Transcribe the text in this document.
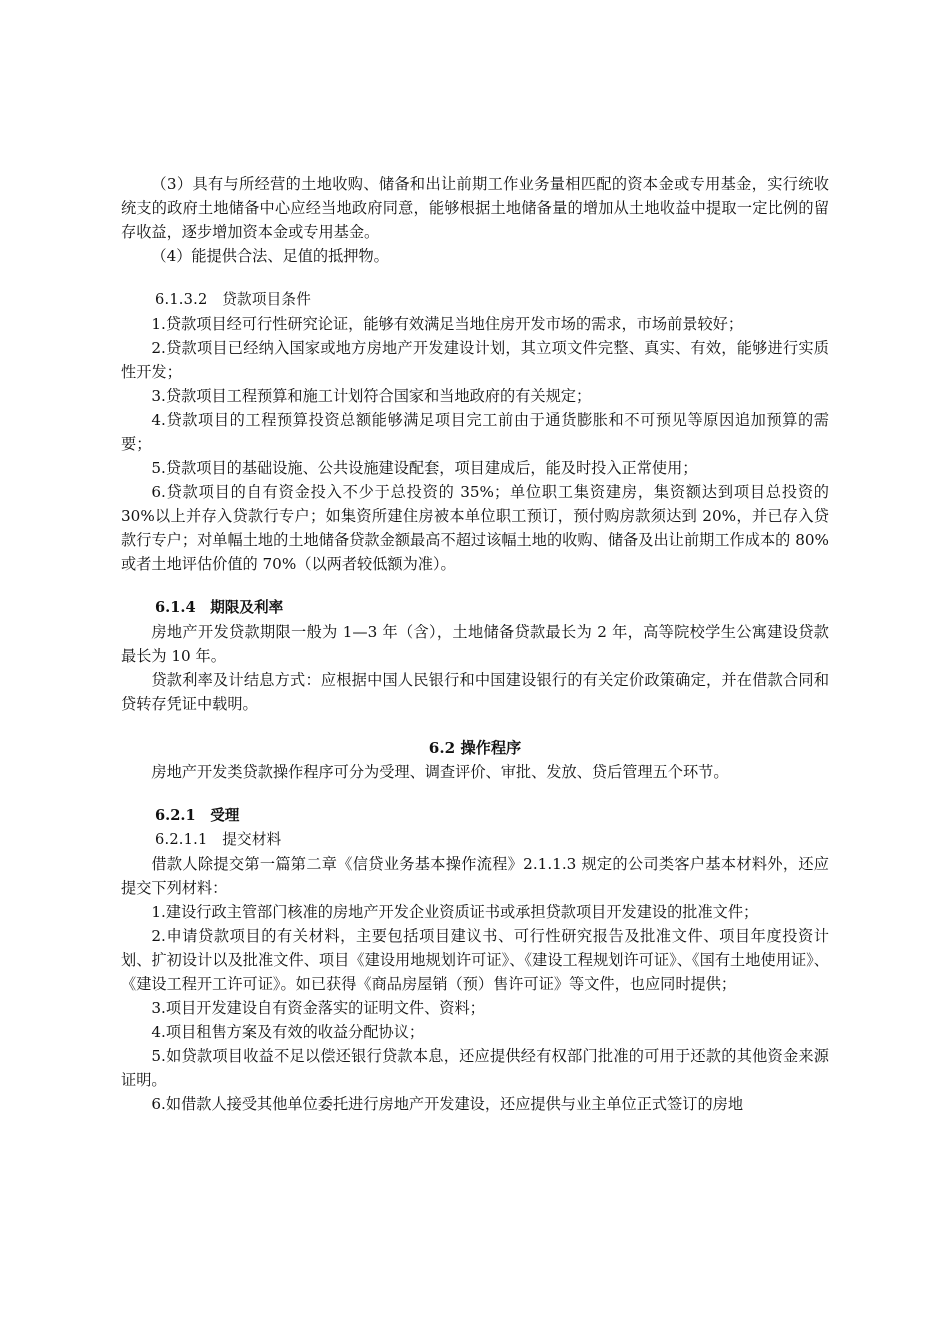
（3）具有与所经营的土地收购、储备和出让前期工作业务量相匹配的资本金或专用基金，实行统收统支的政府土地储备中心应经当地政府同意，能够根据土地储备量的增加从土地收益中提取一定比例的留存收益，逐步增加资本金或专用基金。

（4）能提供合法、足值的抵押物。

6.1.3.2　贷款项目条件

1.贷款项目经可行性研究论证，能够有效满足当地住房开发市场的需求，市场前景较好；

2.贷款项目已经纳入国家或地方房地产开发建设计划，其立项文件完整、真实、有效，能够进行实质性开发；

3.贷款项目工程预算和施工计划符合国家和当地政府的有关规定；

4.贷款项目的工程预算投资总额能够满足项目完工前由于通货膨胀和不可预见等原因追加预算的需要；

5.贷款项目的基础设施、公共设施建设配套，项目建成后，能及时投入正常使用；

6.贷款项目的自有资金投入不少于总投资的 35%；单位职工集资建房，集资额达到项目总投资的 30%以上并存入贷款行专户；如集资所建住房被本单位职工预订，预付购房款须达到 20%，并已存入贷款行专户；对单幅土地的土地储备贷款金额最高不超过该幅土地的收购、储备及出让前期工作成本的 80%或者土地评估价值的 70%（以两者较低额为准）。

6.1.4　期限及利率

房地产开发贷款期限一般为 1—3 年（含），土地储备贷款最长为 2 年，高等院校学生公寓建设贷款最长为 10 年。

贷款利率及计结息方式：应根据中国人民银行和中国建设银行的有关定价政策确定，并在借款合同和贷转存凭证中载明。

6.2 操作程序

房地产开发类贷款操作程序可分为受理、调查评价、审批、发放、贷后管理五个环节。

6.2.1　受理

6.2.1.1　提交材料

借款人除提交第一篇第二章《信贷业务基本操作流程》2.1.1.3 规定的公司类客户基本材料外，还应提交下列材料：

1.建设行政主管部门核准的房地产开发企业资质证书或承担贷款项目开发建设的批准文件；

2.申请贷款项目的有关材料，主要包括项目建议书、可行性研究报告及批准文件、项目年度投资计划、扩初设计以及批准文件、项目《建设用地规划许可证》、《建设工程规划许可证》、《国有土地使用证》、《建设工程开工许可证》。如已获得《商品房屋销（预）售许可证》等文件，也应同时提供；

3.项目开发建设自有资金落实的证明文件、资料；

4.项目租售方案及有效的收益分配协议；

5.如贷款项目收益不足以偿还银行贷款本息，还应提供经有权部门批准的可用于还款的其他资金来源证明。

6.如借款人接受其他单位委托进行房地产开发建设，还应提供与业主单位正式签订的房地
